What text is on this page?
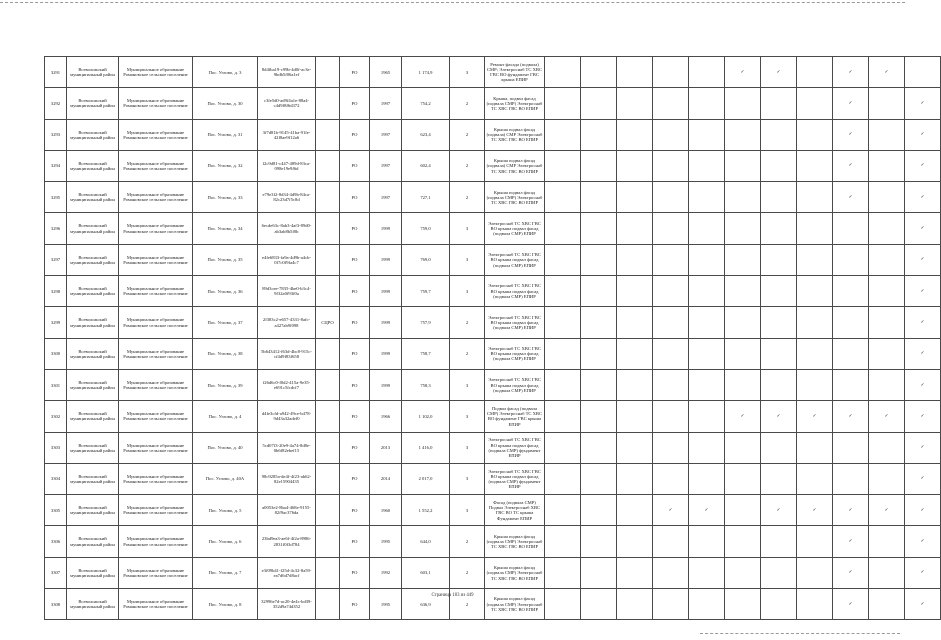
3291	Всеволожский муниципальный район	Муниципальное образование Романовское сельское поселение	Пос. Углово, д. 3	8d4fba19-c99b-4d0f-ac3e-9bdb5f06a1ef		РО	1965	1 174,9	3	Ремонт фасада (подвала) СМР; Электроснаб ТС ХВС ГВС ВО фундамент ГВС крыша ЕПИР						✓	✓		✓	✓	
3292	Всеволожский муниципальный район	Муниципальное образование Романовское сельское поселение	Пос. Углово, д. 30	c3fe5d0-ad9f4a1e-88a4-c4d9f8f6d372		РО	1997	754,2	2	Крыша, подвал фасад (подвала СМР) Электроснаб ТС ХВС ГВС ВО ЕПИР									✓		✓
3293	Всеволожский муниципальный район	Муниципальное образование Романовское сельское поселение	Пос. Углово, д. 31	3f7d81b-9145-41ba-91fe-42f8ae9f12a6		РО	1997	623,4	2	Крыша подвал фасад (подвала) СМР Электроснаб ТС ХВС ГВС ВО ЕПИР									✓		✓
3294	Всеволожский муниципальный район	Муниципальное образование Романовское сельское поселение	Пос. Углово, д. 32	f2c9d81-c447-489d-83ca-098e19e9f6d		РО	1997	602,4	2	Крыша подвал фасад (подвала) СМР Электроснаб ТС ХВС ГВС ВО ЕПИР									✓		✓
3295	Всеволожский муниципальный район	Муниципальное образование Романовское сельское поселение	Пос. Углово, д. 33	e79e3f2-8d34-4d9b-84ca-82c23d7f5c8d		РО	1997	727,1	2	Крыша подвал фасад (подвала СМР) Электроснаб ТС ХВС ГВС ВО ЕПИР									✓		✓
3296	Всеволожский муниципальный район	Муниципальное образование Романовское сельское поселение	Пос. Углово, д. 34	6ecde63c-8ab3-4af3-89d0-ab3ab8b5f0b		РО	1999	759,0	3	Электроснаб ТС ХВС ГВС ВО крыша подвал фасад (подвала СМР) ЕПИР											✓
3297	Всеволожский муниципальный район	Муниципальное образование Романовское сельское поселение	Пос. Углово, д. 35	e4fe6833-fa9a-4d9b-a4cb-0f7c0f9fa4c7		РО	1999	769,0	3	Электроснаб ТС ХВС ГВС ВО крыша подвал фасад (подвала СМР) ЕПИР											✓
3298	Всеволожский муниципальный район	Муниципальное образование Романовское сельское поселение	Пос. Углово, д. 36	89d3cee-7835-4be0-b3c4-9f32a0f93f0a		РО	1999	759,7	3	Электроснаб ТС ХВС ГВС ВО крыша подвал фасад (подвала СМР) ЕПИР											✓
3299	Всеволожский муниципальный район	Муниципальное образование Романовское сельское поселение	Пос. Углово, д. 37	2f383c2-e657-4331-8afc-a427ab9f098	СЦРО	РО	1999	757,9	2	Электроснаб ТС ХВС ГВС ВО крыша подвал фасад (подвала СМР) ЕПИР											✓
3300	Всеволожский муниципальный район	Муниципальное образование Романовское сельское поселение	Пос. Углово, д. 38	5b643412-f63d-4bc8-915c-cf4d9f83f658		РО	1999	758,7	2	Электроснаб ТС ХВС ГВС ВО крыша подвал фасад (подвала СМР) ЕПИР											✓
3301	Всеволожский муниципальный район	Муниципальное образование Романовское сельское поселение	Пос. Углово, д. 39	f26d6c0-f0d2-415a-9e35-e691c5fcdcf7		РО	1999	758,3	3	Электроснаб ТС ХВС ГВС ВО крыша подвал фасад (подвала СМР) ЕПИР											✓
3302	Всеволожский муниципальный район	Муниципальное образование Романовское сельское поселение	Пос. Углово, д. 4	d4fe3cfd-a942-49ce-b478-9d43a32adef0		РО	1966	1 102,0	3	Подвал фасад (подвала СМР) Электроснаб ТС ХВС ВО фундамент ГВС крыша ЕПИР						✓	✓	✓	✓	✓	✓
3303	Всеволожский муниципальный район	Муниципальное образование Романовское сельское поселение	Пос. Углово, д. 40	5cd07f3-20e9-4a74-8d8e-0b6f82ebef15		РО	2013	1 416,0	3	Электроснаб ТС ХВС ГВС ВО крыша подвал фасад (подвала СМР) фундамент ЕПИР											✓
3304	Всеволожский муниципальный район	Муниципальное образование Романовское сельское поселение	Пос. Углово, д. 40А	98c9285a-de4f-4f23-ab62-82e15904435		РО	2014	2 017,0	3	Электроснаб ТС ХВС ГВС ВО крыша подвал фасад (подвала СМР) фундамент ЕПИР											✓
3305	Всеволожский муниципальный район	Муниципальное образование Романовское сельское поселение	Пос. Углово, д. 5	a0053e2-8ba4-468e-9155-82f9ac376da		РО	1960	1 552,2	3	Фасад (подвала СМР) Подвал Электроснаб ХВС ГВС ВО ТС крыша Фундамент ЕПИР				✓	✓		✓	✓	✓	✓	✓
3306	Всеволожский муниципальный район	Муниципальное образование Романовское сельское поселение	Пос. Углово, д. 6	23bd9ea3-ae6f-4f2a-8986-2831f0f3d784		РО	1995	644,0	2	Крыша подвал фасад (подвала СМР) Электроснаб ТС ХВС ГВС ВО ЕПИР									✓		✓
3307	Всеволожский муниципальный район	Муниципальное образование Романовское сельское поселение	Пос. Углово, д. 7	e3f09b41-f25d-4c32-8a59-ea7d6d7d8acf		РО	1992	603,1	2	Крыша подвал фасад (подвала СМР) Электроснаб ТС ХВС ГВС ВО ЕПИР									✓		✓
3308	Всеволожский муниципальный район	Муниципальное образование Романовское сельское поселение	Пос. Углово, д. 8	32996e7d-ac20-4e4c-bd39-352d9a74d352		РО	1995	636,9	2	Крыша подвал фасад (подвала СМР) Электроснаб ТС ХВС ГВС ВО ЕПИР									✓		✓
Страница 183 из 449
